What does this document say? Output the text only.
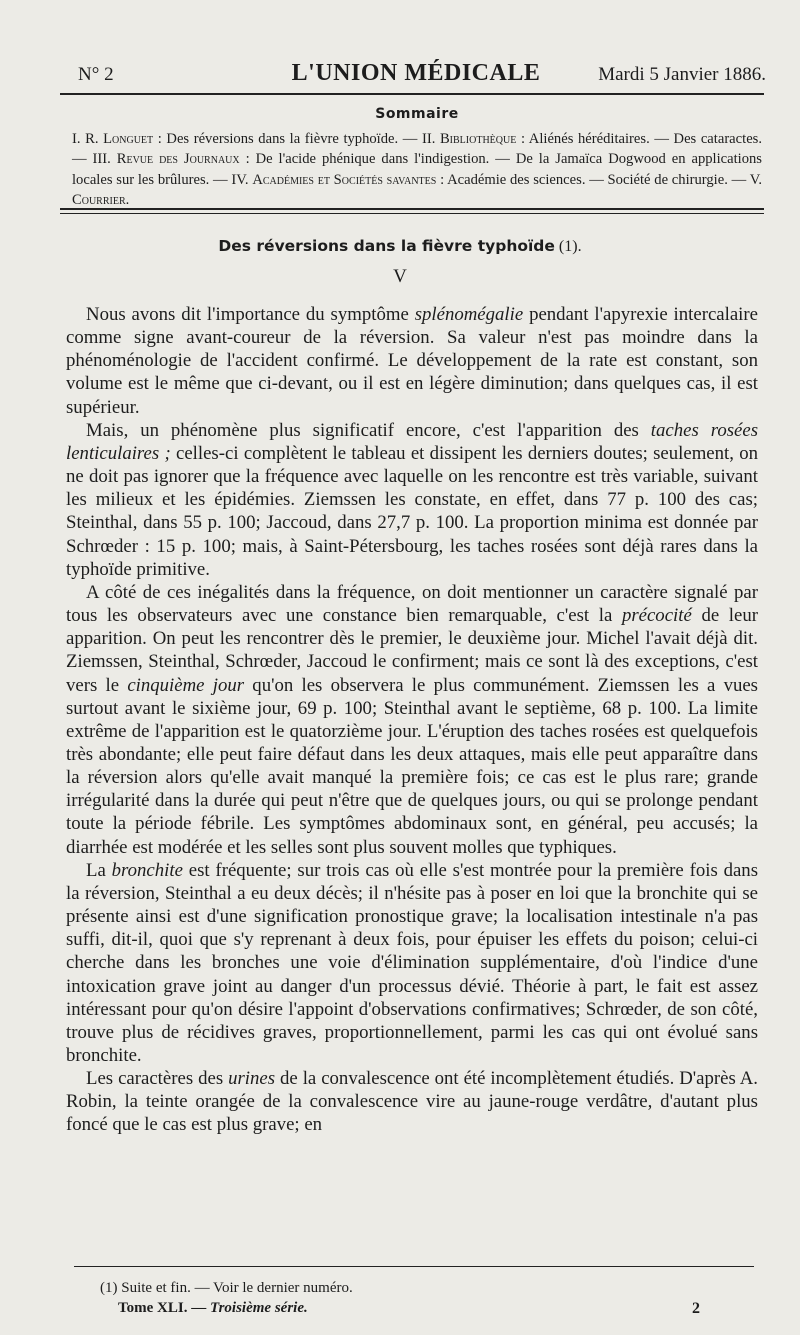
N° 2	L'UNION MÉDICALE	Mardi 5 Janvier 1886.
Sommaire
I. R. Longuet : Des réversions dans la fièvre typhoïde. — II. Bibliothèque : Aliénés héréditaires. — Des cataractes. — III. Revue des Journaux : De l'acide phénique dans l'indigestion. — De la Jamaïca Dogwood en applications locales sur les brûlures. — IV. Académies et Sociétés savantes : Académie des sciences. — Société de chirurgie. — V. Courrier.
Des réversions dans la fièvre typhoïde (1).
V

Nous avons dit l'importance du symptôme splénomégalie pendant l'apyrexie intercalaire comme signe avant-coureur de la réversion. Sa valeur n'est pas moindre dans la phénoménologie de l'accident confirmé. Le développement de la rate est constant, son volume est le même que ci-devant, ou il est en légère diminution; dans quelques cas, il est supérieur.

Mais, un phénomène plus significatif encore, c'est l'apparition des taches rosées lenticulaires ; celles-ci complètent le tableau et dissipent les derniers doutes; seulement, on ne doit pas ignorer que la fréquence avec laquelle on les rencontre est très variable, suivant les milieux et les épidémies. Ziemssen les constate, en effet, dans 77 p. 100 des cas; Steinthal, dans 55 p. 100; Jaccoud, dans 27,7 p. 100. La proportion minima est donnée par Schrœder : 15 p. 100; mais, à Saint-Pétersbourg, les taches rosées sont déjà rares dans la typhoïde primitive.

A côté de ces inégalités dans la fréquence, on doit mentionner un caractère signalé par tous les observateurs avec une constance bien remarquable, c'est la précocité de leur apparition. On peut les rencontrer dès le premier, le deuxième jour. Michel l'avait déjà dit. Ziemssen, Steinthal, Schrœder, Jaccoud le confirment; mais ce sont là des exceptions, c'est vers le cinquième jour qu'on les observera le plus communément. Ziemssen les a vues surtout avant le sixième jour, 69 p. 100; Steinthal avant le septième, 68 p. 100. La limite extrême de l'apparition est le quatorzième jour. L'éruption des taches rosées est quelquefois très abondante; elle peut faire défaut dans les deux attaques, mais elle peut apparaître dans la réversion alors qu'elle avait manqué la première fois; ce cas est le plus rare; grande irrégularité dans la durée qui peut n'être que de quelques jours, ou qui se prolonge pendant toute la période fébrile. Les symptômes abdominaux sont, en général, peu accusés; la diarrhée est modérée et les selles sont plus souvent molles que typhiques.

La bronchite est fréquente; sur trois cas où elle s'est montrée pour la première fois dans la réversion, Steinthal a eu deux décès; il n'hésite pas à poser en loi que la bronchite qui se présente ainsi est d'une signification pronostique grave; la localisation intestinale n'a pas suffi, dit-il, quoi que s'y reprenant à deux fois, pour épuiser les effets du poison; celui-ci cherche dans les bronches une voie d'élimination supplémentaire, d'où l'indice d'une intoxication grave joint au danger d'un processus dévié. Théorie à part, le fait est assez intéressant pour qu'on désire l'appoint d'observations confirmatives; Schrœder, de son côté, trouve plus de récidives graves, proportionnellement, parmi les cas qui ont évolué sans bronchite.

Les caractères des urines de la convalescence ont été incomplètement étudiés. D'après A. Robin, la teinte orangée de la convalescence vire au jaune-rouge verdâtre, d'autant plus foncé que le cas est plus grave; en

(1) Suite et fin. — Voir le dernier numéro.
Tome XLI. — Troisième série.	2
